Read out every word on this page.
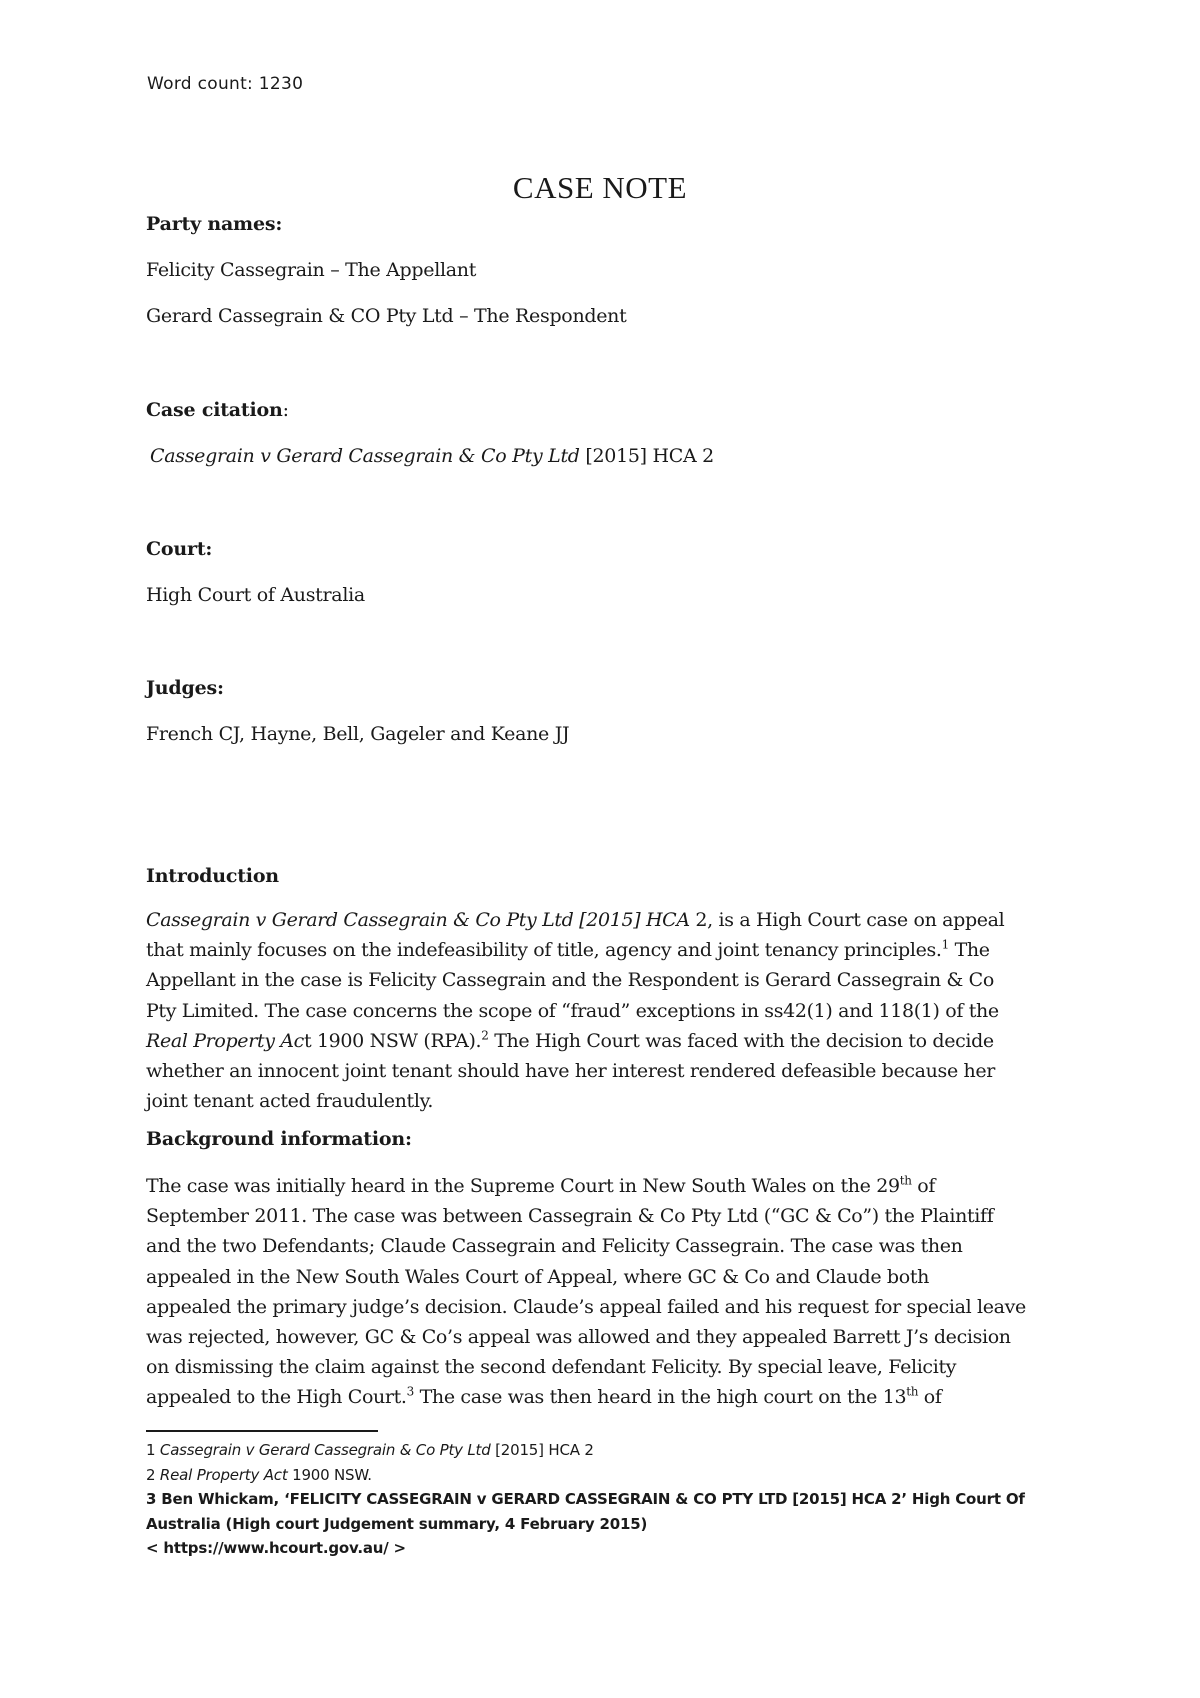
Word count: 1230
CASE NOTE
Party names:
Felicity Cassegrain – The Appellant
Gerard Cassegrain & CO Pty Ltd – The Respondent
Case citation:
Cassegrain v Gerard Cassegrain & Co Pty Ltd [2015] HCA 2
Court:
High Court of Australia
Judges:
French CJ, Hayne, Bell, Gageler and Keane JJ
Introduction
Cassegrain v Gerard Cassegrain & Co Pty Ltd [2015] HCA 2, is a High Court case on appeal
that mainly focuses on the indefeasibility of title, agency and joint tenancy principles.$^1$ The
Appellant in the case is Felicity Cassegrain and the Respondent is Gerard Cassegrain & Co
Pty Limited. The case concerns the scope of “fraud” exceptions in ss42(1) and 118(1) of the
Real Property Act 1900 NSW (RPA).$^2$ The High Court was faced with the decision to decide
whether an innocent joint tenant should have her interest rendered defeasible because her
joint tenant acted fraudulently.
Background information:
The case was initially heard in the Supreme Court in New South Wales on the 29th of
September 2011. The case was between Cassegrain & Co Pty Ltd (“GC & Co”) the Plaintiff
and the two Defendants; Claude Cassegrain and Felicity Cassegrain. The case was then
appealed in the New South Wales Court of Appeal, where GC & Co and Claude both
appealed the primary judge’s decision. Claude’s appeal failed and his request for special leave
was rejected, however, GC & Co’s appeal was allowed and they appealed Barrett J’s decision
on dismissing the claim against the second defendant Felicity. By special leave, Felicity
appealed to the High Court.$^3$ The case was then heard in the high court on the 13th of
1 Cassegrain v Gerard Cassegrain & Co Pty Ltd [2015] HCA 2
2 Real Property Act 1900 NSW.
3 Ben Whickam, ‘FELICITY CASSEGRAIN v GERARD CASSEGRAIN & CO PTY LTD [2015] HCA 2’ High Court Of
Australia (High court Judgement summary, 4 February 2015)
< https://www.hcourt.gov.au/ >
